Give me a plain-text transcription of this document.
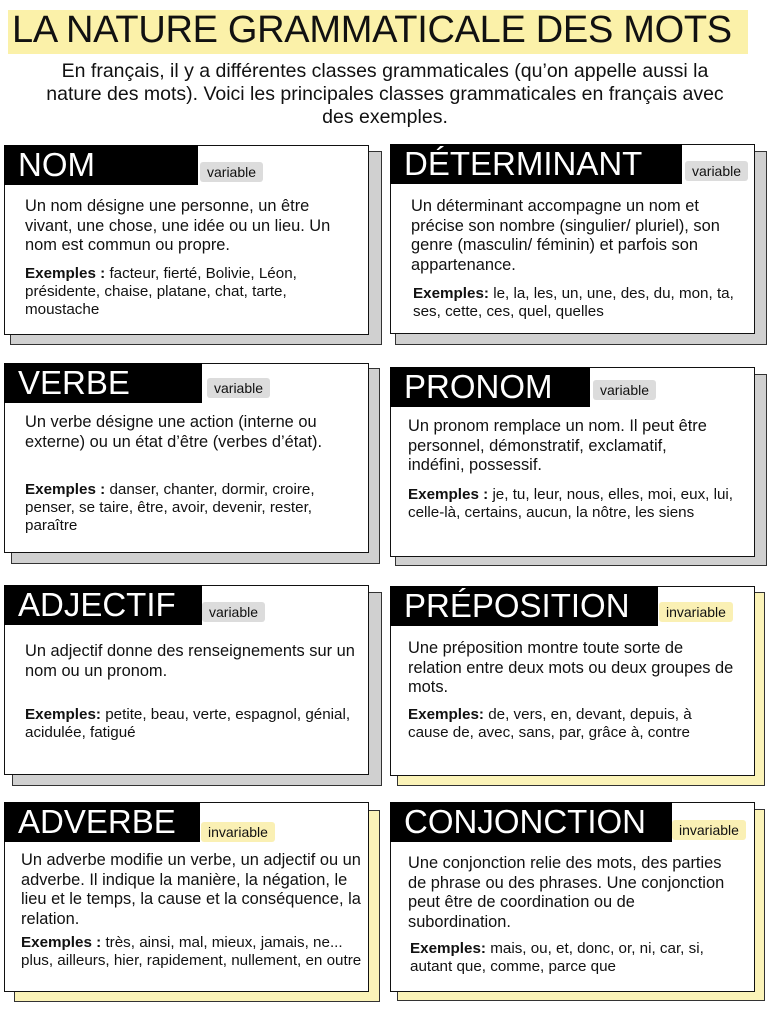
LA NATURE GRAMMATICALE DES MOTS
En français, il y a différentes classes grammaticales (qu’on appelle aussi la nature des mots). Voici les principales classes grammaticales en français avec des exemples.
NOM	variable
Un nom désigne une personne, un être vivant, une chose, une idée ou un lieu. Un nom est commun ou propre.
Exemples : facteur, fierté, Bolivie, Léon, présidente, chaise, platane, chat, tarte, moustache
DÉTERMINANT	variable
Un déterminant accompagne un nom et précise son nombre (singulier/ pluriel), son genre (masculin/ féminin) et parfois son appartenance.
Exemples: le, la, les, un, une, des, du, mon, ta, ses, cette, ces, quel, quelles
VERBE	variable
Un verbe désigne une action (interne ou externe) ou un état d’être (verbes d’état).
Exemples : danser, chanter, dormir, croire, penser, se taire, être, avoir, devenir, rester, paraître
PRONOM	variable
Un pronom remplace un nom. Il peut être personnel, démonstratif, exclamatif, indéfini, possessif.
Exemples : je, tu, leur, nous, elles, moi, eux, lui, celle-là, certains, aucun, la nôtre, les siens
ADJECTIF	variable
Un adjectif donne des renseignements sur un nom ou un pronom.
Exemples: petite, beau, verte, espagnol, génial, acidulée, fatigué
PRÉPOSITION	invariable
Une préposition montre toute sorte de relation entre deux mots ou deux groupes de mots.
Exemples: de, vers, en, devant, depuis, à cause de, avec, sans, par, grâce à, contre
ADVERBE	invariable
Un adverbe modifie un verbe, un adjectif ou un adverbe. Il indique la manière, la négation, le lieu et le temps, la cause et la conséquence, la relation.
Exemples : très, ainsi, mal, mieux, jamais, ne... plus, ailleurs, hier, rapidement, nullement, en outre
CONJONCTION	invariable
Une conjonction relie des mots, des parties de phrase ou des phrases. Une conjonction peut être de coordination ou de subordination.
Exemples: mais, ou, et, donc, or, ni, car, si, autant que, comme, parce que
